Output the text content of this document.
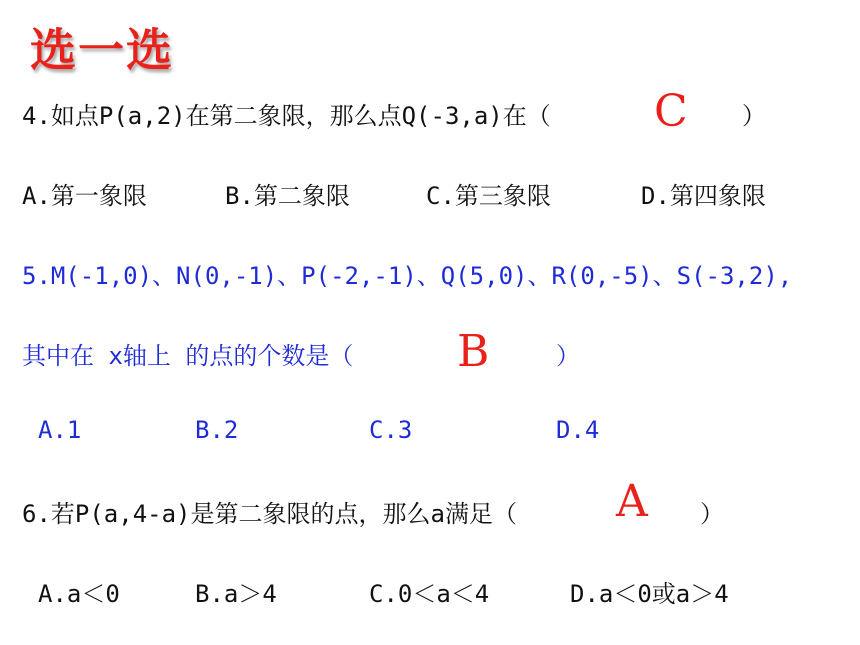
选一选
4.如点P(a,2)在第二象限，那么点Q(-3,a)在（ C ）
A.第一象限	B.第二象限	C.第三象限	D.第四象限
5.M(-1,0)、N(0,-1)、P(-2,-1)、Q(5,0)、R(0,-5)、S(-3,2),
其中在 x轴上 的点的个数是（ B	）
A.1	B.2	C.3	D.4
6.若P(a,4-a)是第二象限的点，那么a满足（ A ）
A.a＜0	B.a＞4	C.0＜a＜4	D.a＜0或a＞4
